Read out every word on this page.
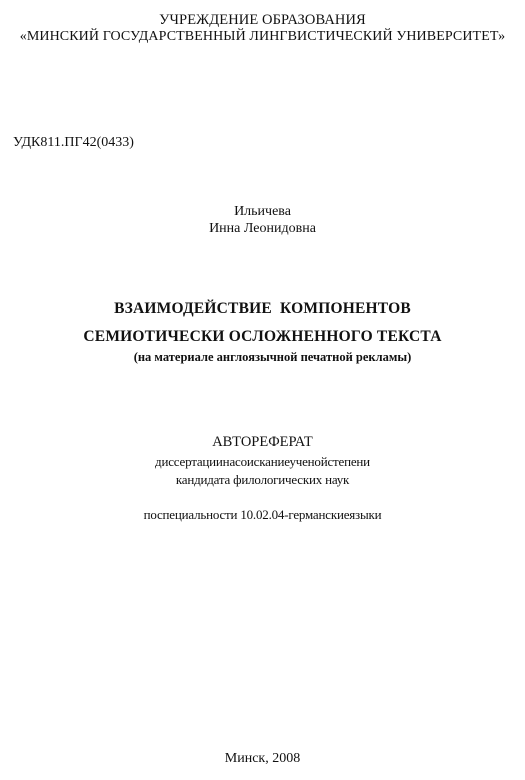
УЧРЕЖДЕНИЕ ОБРАЗОВАНИЯ
«МИНСКИЙ ГОСУДАРСТВЕННЫЙ ЛИНГВИСТИЧЕСКИЙ УНИВЕРСИТЕТ»
УДК811.ПГ42(0433)
Ильичева
Инна Леонидовна
ВЗАИМОДЕЙСТВИЕ  КОМПОНЕНТОВ
СЕМИОТИЧЕСКИ ОСЛОЖНЕННОГО ТЕКСТА
(на материале англоязычной печатной рекламы)
АВТОРЕФЕРАТ
диссертациинасоисканиеученойстепени
кандидата филологических наук
поспециальности 10.02.04-германскиеязыки
Минск, 2008
